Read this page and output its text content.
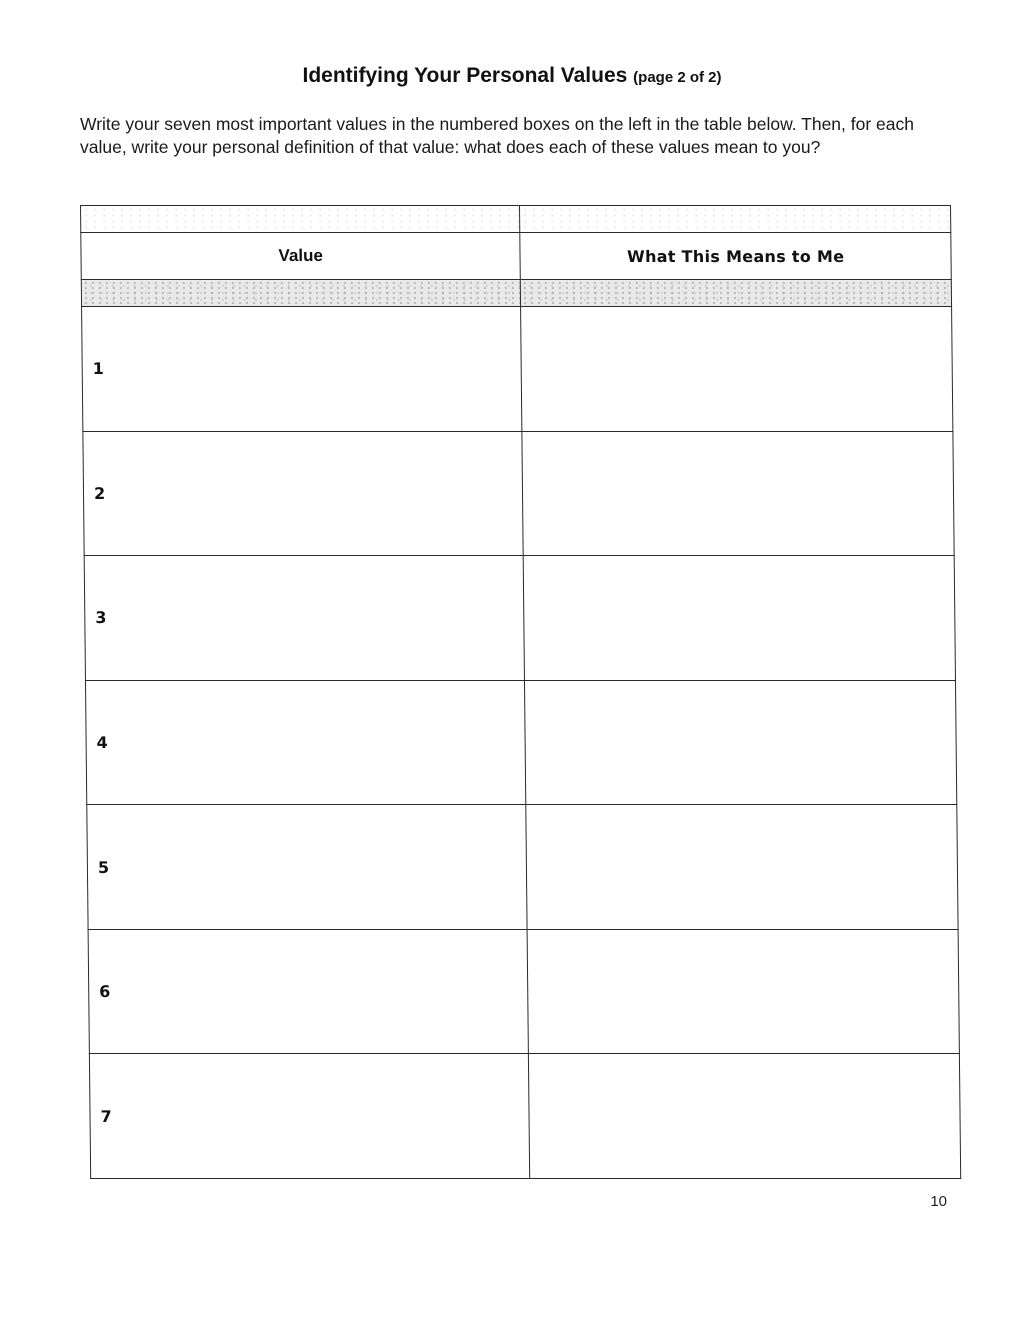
Identifying Your Personal Values (page 2 of 2)
Write your seven most important values in the numbered boxes on the left in the table below. Then, for each value, write your personal definition of that value: what does each of these values mean to you?

Value	What This Means to Me

1	
2	
3	
4	
5	
6	
7	
10
